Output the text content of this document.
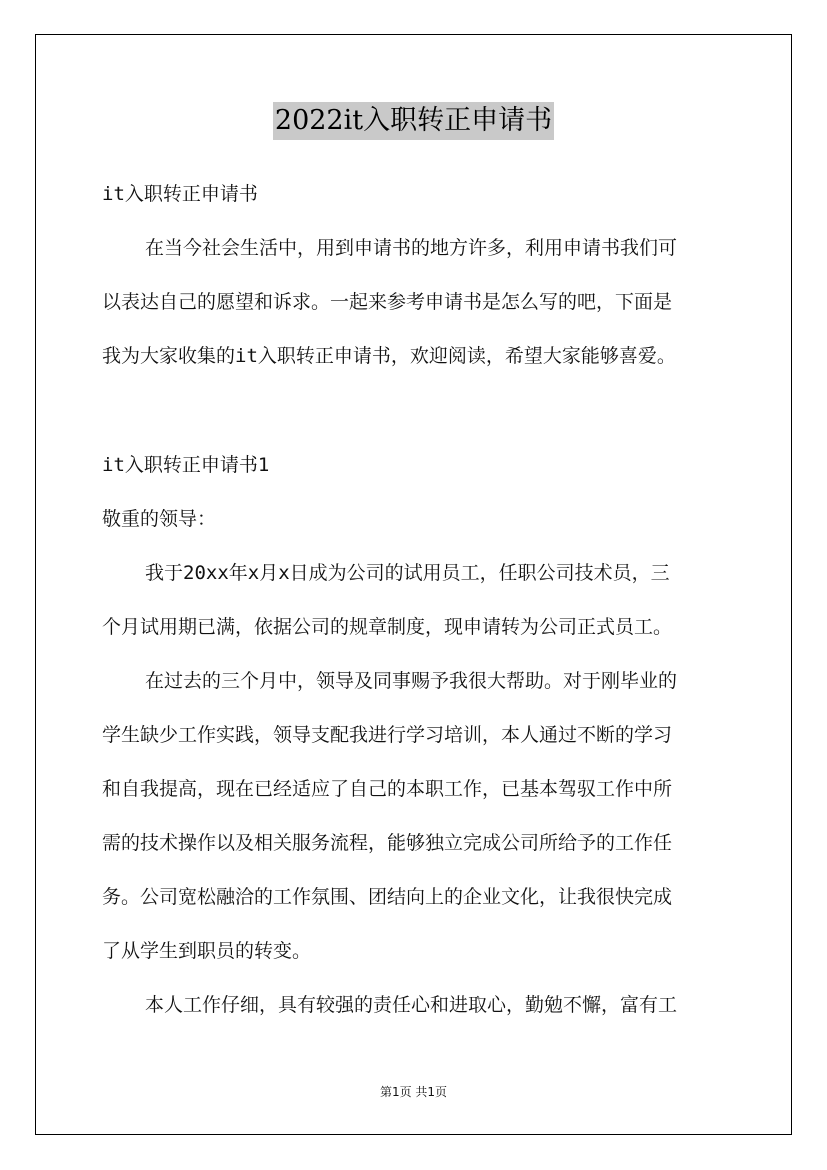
2022it入职转正申请书
it入职转正申请书
在当今社会生活中，用到申请书的地方许多，利用申请书我们可
以表达自己的愿望和诉求。一起来参考申请书是怎么写的吧，下面是
我为大家收集的it入职转正申请书，欢迎阅读，希望大家能够喜爱。
it入职转正申请书1
敬重的领导：
我于20xx年x月x日成为公司的试用员工，任职公司技术员，三
个月试用期已满，依据公司的规章制度，现申请转为公司正式员工。
在过去的三个月中，领导及同事赐予我很大帮助。对于刚毕业的
学生缺少工作实践，领导支配我进行学习培训，本人通过不断的学习
和自我提高，现在已经适应了自己的本职工作，已基本驾驭工作中所
需的技术操作以及相关服务流程，能够独立完成公司所给予的工作任
务。公司宽松融洽的工作氛围、团结向上的企业文化，让我很快完成
了从学生到职员的转变。
本人工作仔细，具有较强的责任心和进取心，勤勉不懈，富有工
第1页 共1页
